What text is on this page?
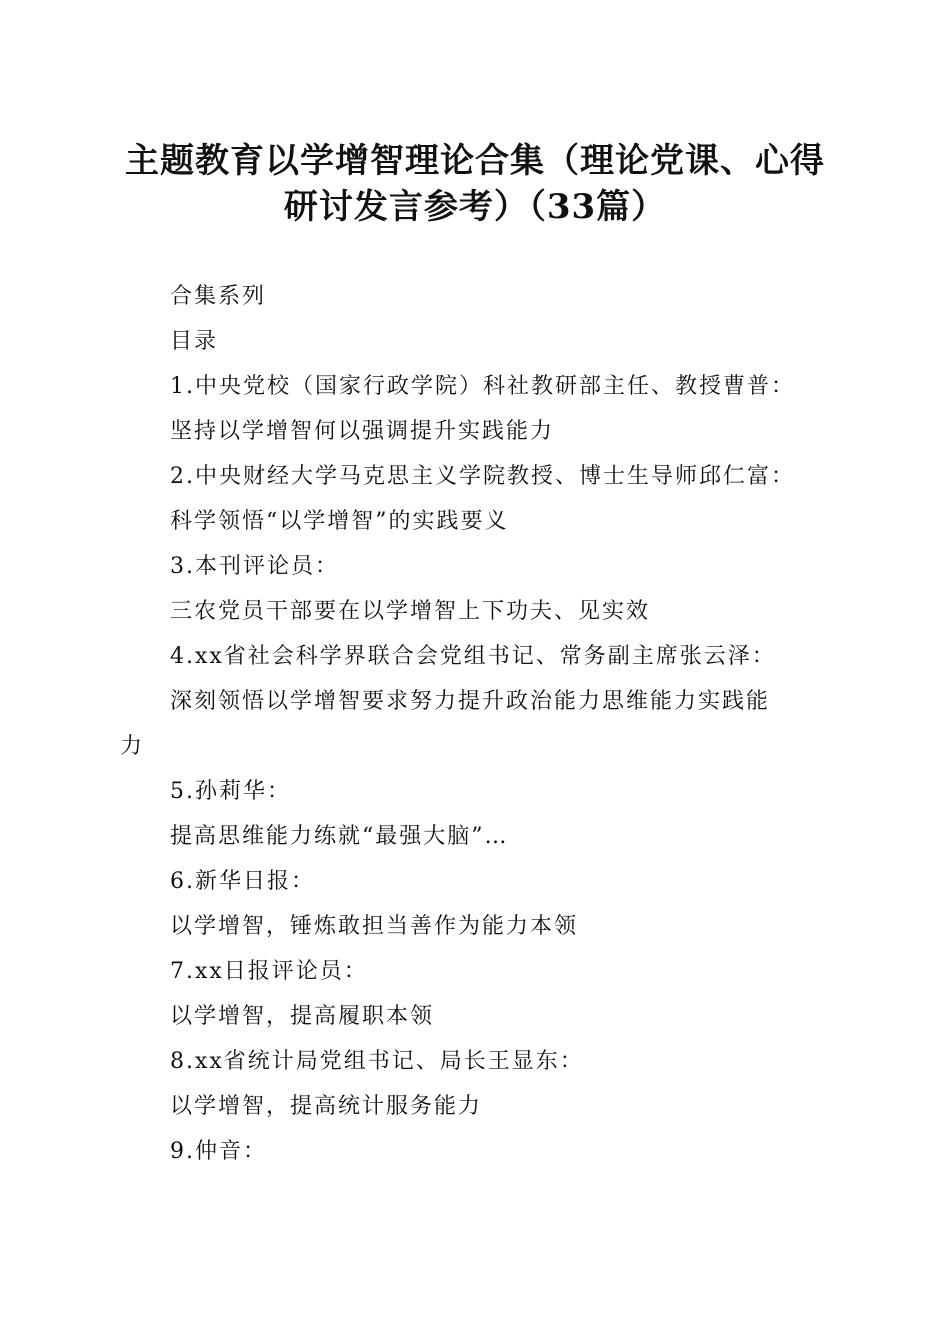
主题教育以学增智理论合集（理论党课、心得
研讨发言参考）（33篇）

合集系列

目录

1.中央党校（国家行政学院）科社教研部主任、教授曹普：

坚持以学增智何以强调提升实践能力

2.中央财经大学马克思主义学院教授、博士生导师邱仁富：

科学领悟“以学增智”的实践要义

3.本刊评论员：

三农党员干部要在以学增智上下功夫、见实效

4.xx省社会科学界联合会党组书记、常务副主席张云泽：

深刻领悟以学增智要求努力提升政治能力思维能力实践能

力

5.孙莉华：

提高思维能力练就“最强大脑”…

6.新华日报：

以学增智，锤炼敢担当善作为能力本领

7.xx日报评论员：

以学增智，提高履职本领

8.xx省统计局党组书记、局长王显东：

以学增智，提高统计服务能力

9.仲音：
